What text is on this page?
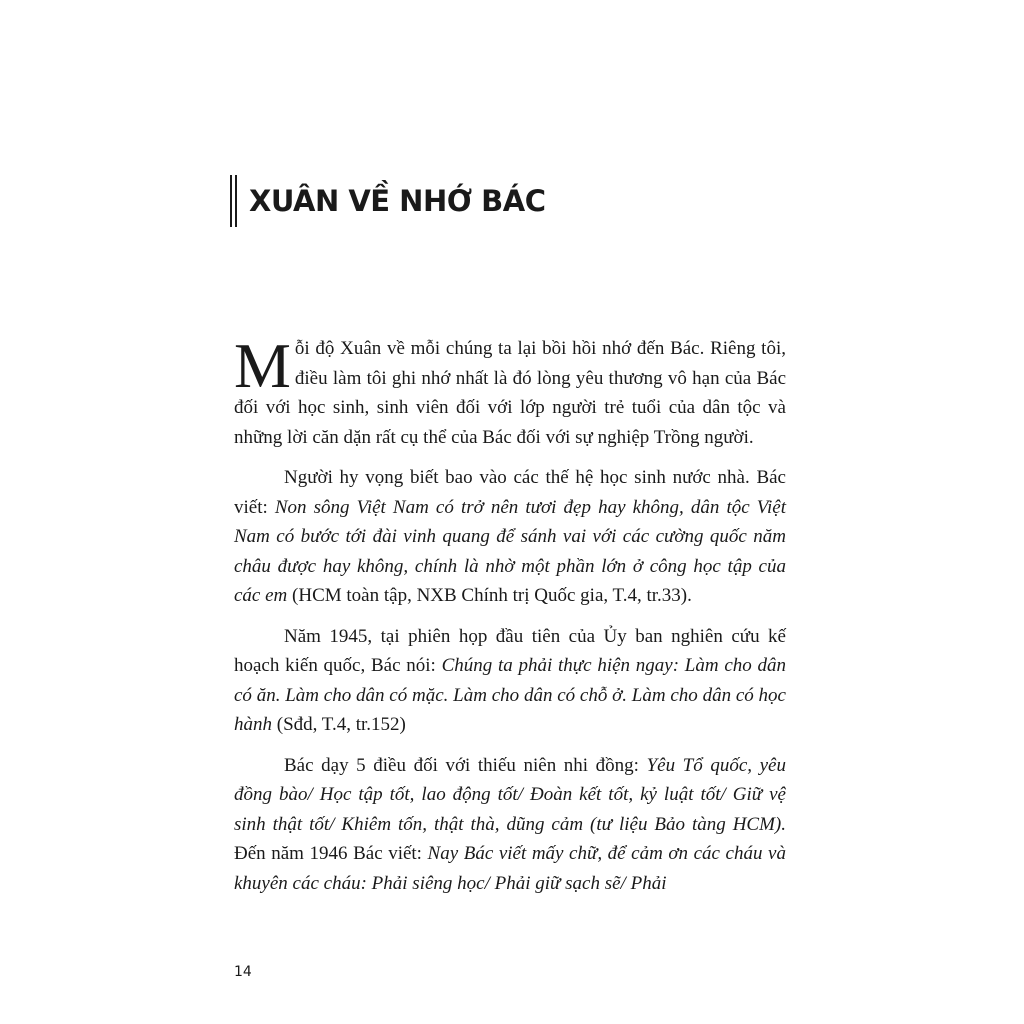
XUÂN VỀ NHỚ BÁC

Mỗi độ Xuân về mỗi chúng ta lại bồi hồi nhớ đến Bác. Riêng tôi, điều làm tôi ghi nhớ nhất là đó lòng yêu thương vô hạn của Bác đối với học sinh, sinh viên đối với lớp người trẻ tuổi của dân tộc và những lời căn dặn rất cụ thể của Bác đối với sự nghiệp Trồng người.

Người hy vọng biết bao vào các thế hệ học sinh nước nhà. Bác viết: Non sông Việt Nam có trở nên tươi đẹp hay không, dân tộc Việt Nam có bước tới đài vinh quang để sánh vai với các cường quốc năm châu được hay không, chính là nhờ một phần lớn ở công học tập của các em (HCM toàn tập, NXB Chính trị Quốc gia, T.4, tr.33).

Năm 1945, tại phiên họp đầu tiên của Ủy ban nghiên cứu kế hoạch kiến quốc, Bác nói: Chúng ta phải thực hiện ngay: Làm cho dân có ăn. Làm cho dân có mặc. Làm cho dân có chỗ ở. Làm cho dân có học hành (Sđd, T.4, tr.152)

Bác dạy 5 điều đối với thiếu niên nhi đồng: Yêu Tổ quốc, yêu đồng bào/ Học tập tốt, lao động tốt/ Đoàn kết tốt, kỷ luật tốt/ Giữ vệ sinh thật tốt/ Khiêm tốn, thật thà, dũng cảm (tư liệu Bảo tàng HCM). Đến năm 1946 Bác viết: Nay Bác viết mấy chữ, để cảm ơn các cháu và khuyên các cháu: Phải siêng học/ Phải giữ sạch sẽ/ Phải

14
